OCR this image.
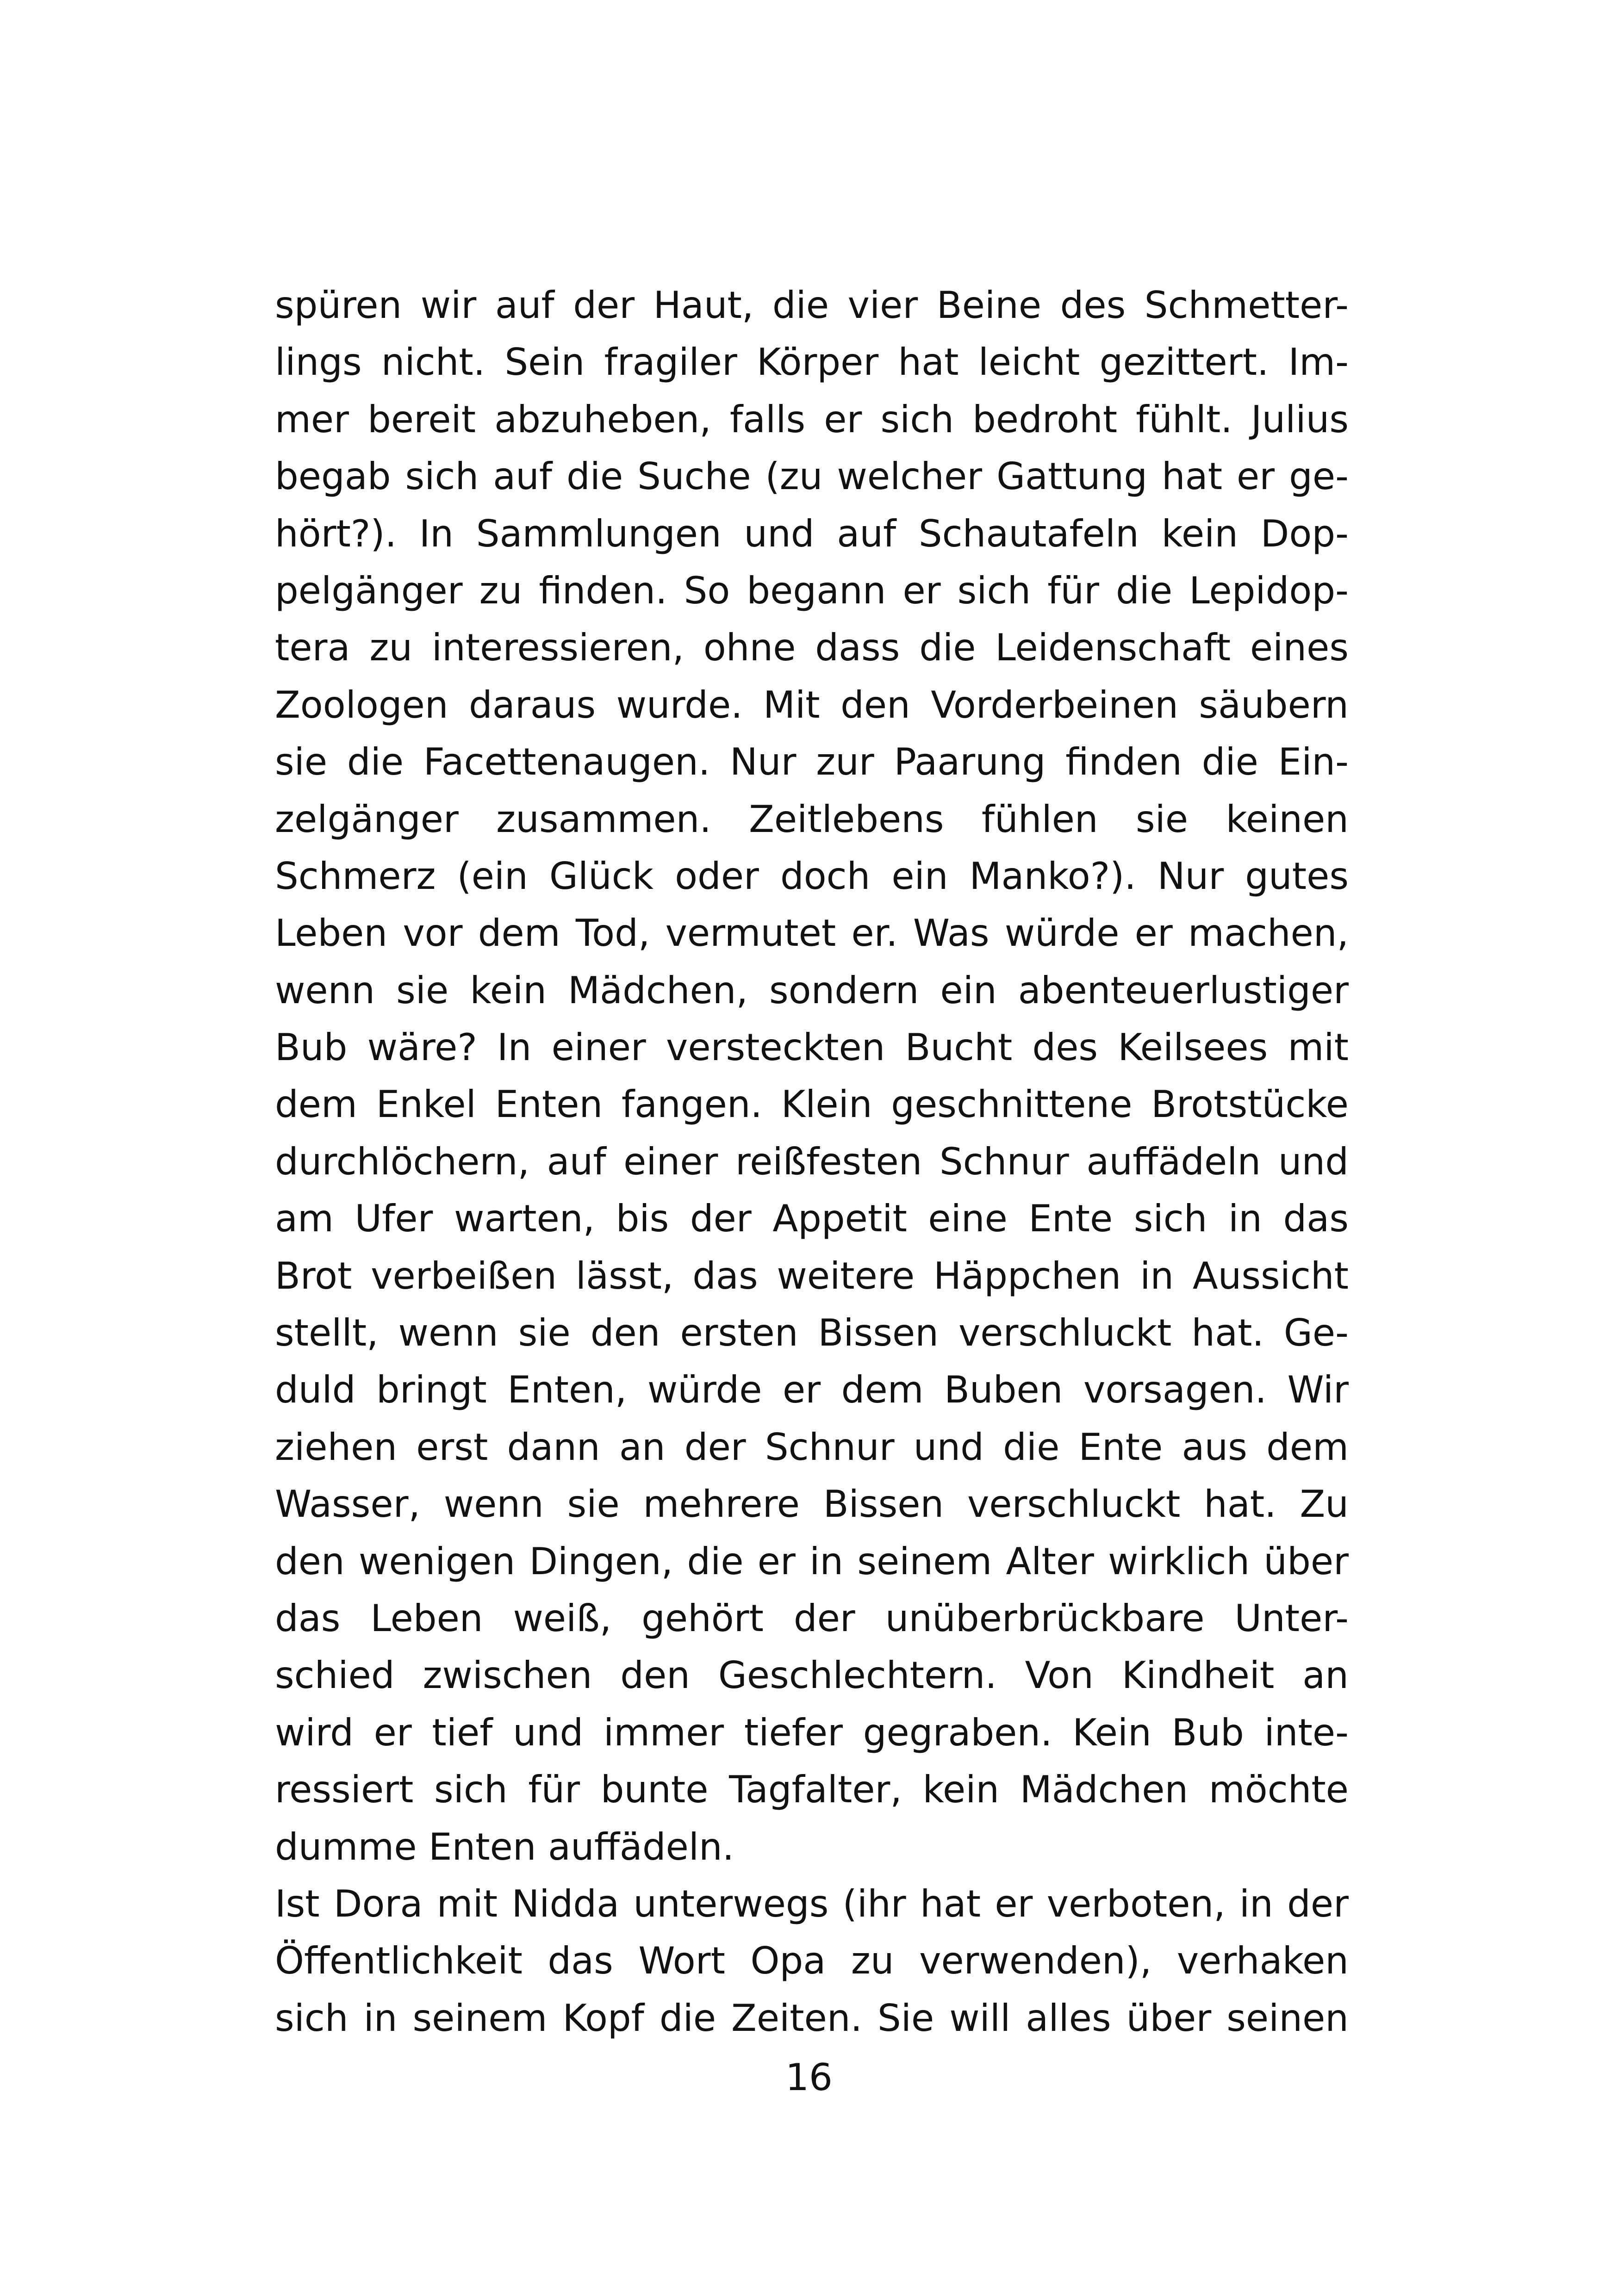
spüren wir auf der Haut, die vier Beine des Schmetter-
lings nicht. Sein fragiler Körper hat leicht gezittert. Im-
mer bereit abzuheben, falls er sich bedroht fühlt. Julius
begab sich auf die Suche (zu welcher Gattung hat er ge-
hört?). In Sammlungen und auf Schautafeln kein Dop-
pelgänger zu finden. So begann er sich für die Lepidop-
tera zu interessieren, ohne dass die Leidenschaft eines
Zoologen daraus wurde. Mit den Vorderbeinen säubern
sie die Facettenaugen. Nur zur Paarung finden die Ein-
zelgänger zusammen. Zeitlebens fühlen sie keinen
Schmerz (ein Glück oder doch ein Manko?). Nur gutes
Leben vor dem Tod, vermutet er. Was würde er machen,
wenn sie kein Mädchen, sondern ein abenteuerlustiger
Bub wäre? In einer versteckten Bucht des Keilsees mit
dem Enkel Enten fangen. Klein geschnittene Brotstücke
durchlöchern, auf einer reißfesten Schnur auffädeln und
am Ufer warten, bis der Appetit eine Ente sich in das
Brot verbeißen lässt, das weitere Häppchen in Aussicht
stellt, wenn sie den ersten Bissen verschluckt hat. Ge-
duld bringt Enten, würde er dem Buben vorsagen. Wir
ziehen erst dann an der Schnur und die Ente aus dem
Wasser, wenn sie mehrere Bissen verschluckt hat. Zu
den wenigen Dingen, die er in seinem Alter wirklich über
das Leben weiß, gehört der unüberbrückbare Unter-
schied zwischen den Geschlechtern. Von Kindheit an
wird er tief und immer tiefer gegraben. Kein Bub inte-
ressiert sich für bunte Tagfalter, kein Mädchen möchte
dumme Enten auffädeln.
Ist Dora mit Nidda unterwegs (ihr hat er verboten, in der
Öffentlichkeit das Wort Opa zu verwenden), verhaken
sich in seinem Kopf die Zeiten. Sie will alles über seinen
16
